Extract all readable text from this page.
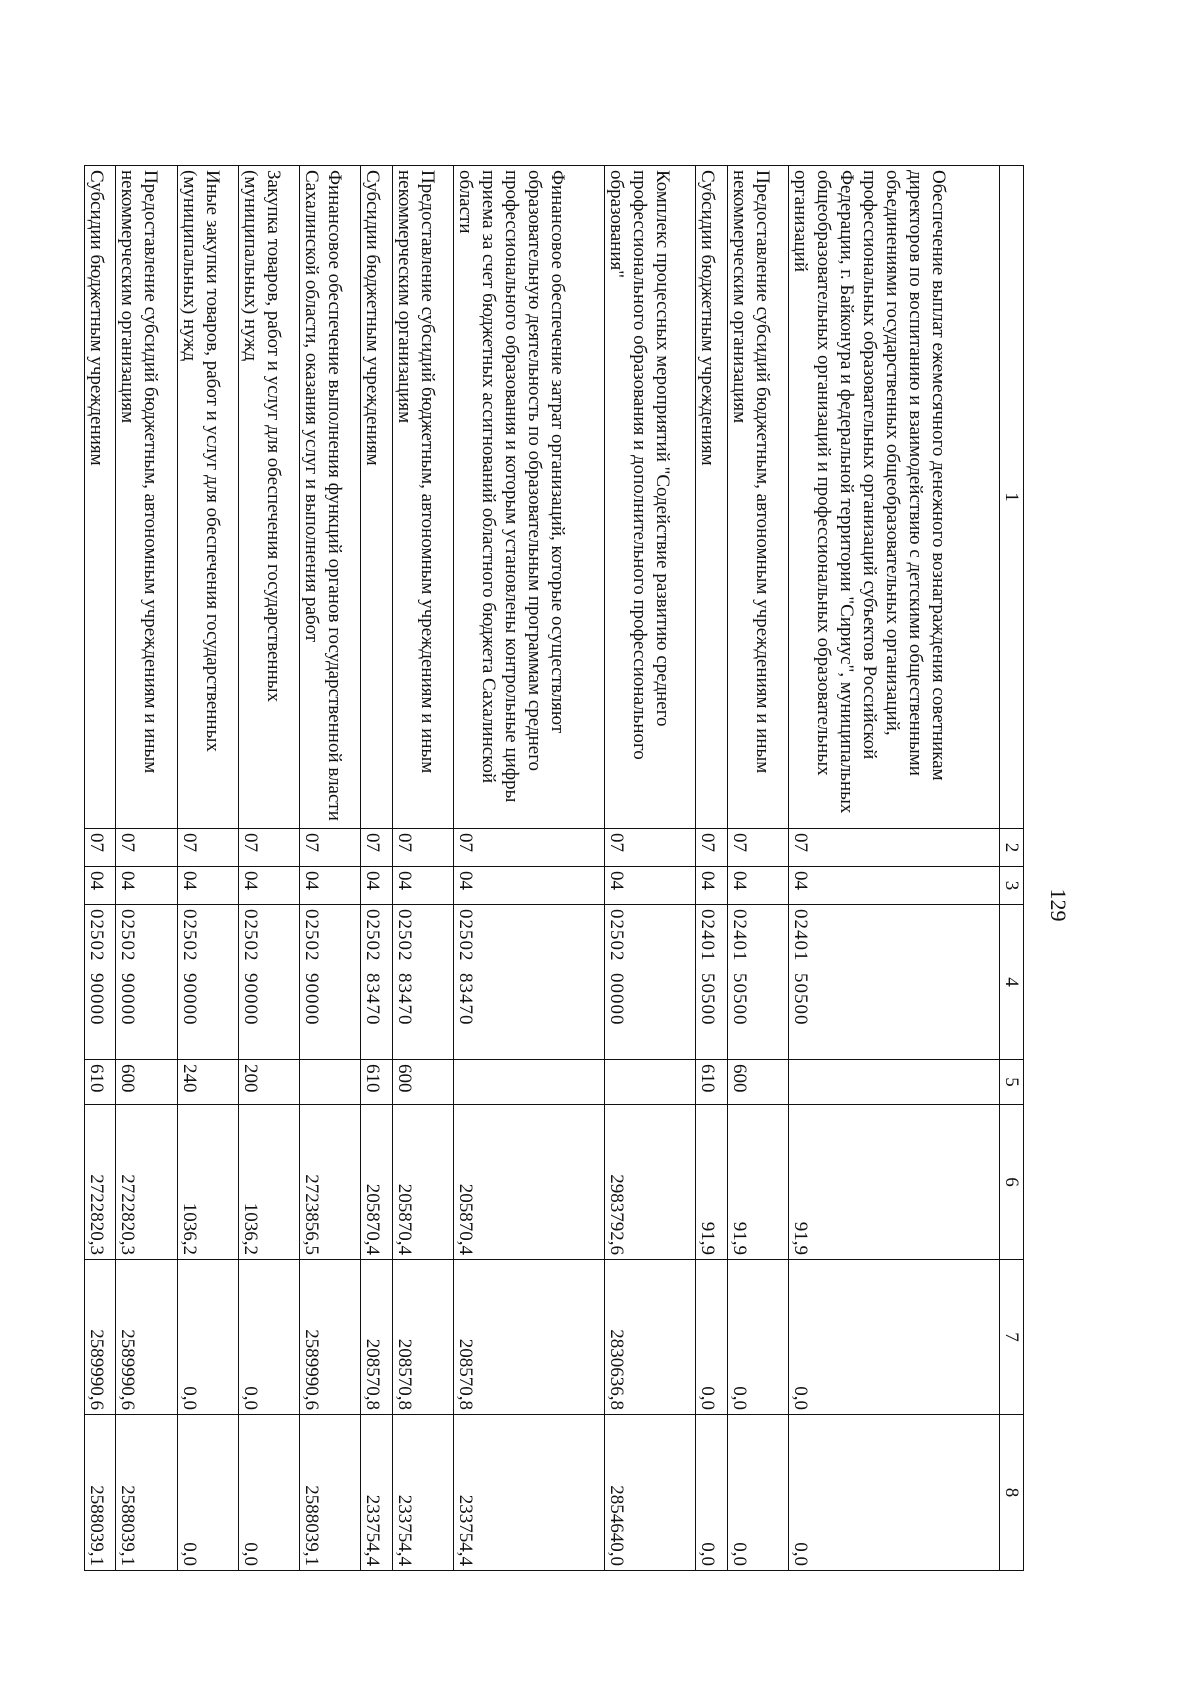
129
1	2	3	4	5	6	7	8
Обеспечение выплат ежемесячного денежного вознаграждения советникам директоров по воспитанию и взаимодействию с детскими общественными объединениями государственных общеобразовательных организаций, профессиональных образовательных организаций субъектов Российской Федерации, г. Байконура и федеральной территории "Сириус", муниципальных общеобразовательных организаций и профессиональных образовательных организаций	07	04	02401  50500		91,9	0,0	0,0
Предоставление субсидий бюджетным, автономным учреждениям и иным некоммерческим организациям	07	04	02401  50500	600	91,9	0,0	0,0
Субсидии бюджетным учреждениям	07	04	02401  50500	610	91,9	0,0	0,0
Комплекс процессных мероприятий "Содействие развитию среднего профессионального образования и дополнительного профессионального образования"	07	04	02502  00000		2983792,6	2830636,8	2854640,0
Финансовое обеспечение затрат организаций, которые осуществляют образовательную деятельность по образовательным программам среднего профессионального образования и которым установлены контрольные цифры приема за счет бюджетных ассигнований областного бюджета Сахалинской области	07	04	02502  83470		205870,4	208570,8	233754,4
Предоставление субсидий бюджетным, автономным учреждениям и иным некоммерческим организациям	07	04	02502  83470	600	205870,4	208570,8	233754,4
Субсидии бюджетным учреждениям	07	04	02502  83470	610	205870,4	208570,8	233754,4
Финансовое обеспечение выполнения функций органов государственной власти Сахалинской области, оказания услуг и выполнения работ	07	04	02502  90000		2723856,5	2589990,6	2588039,1
Закупка товаров, работ и услуг для обеспечения государственных (муниципальных) нужд	07	04	02502  90000	200	1036,2	0,0	0,0
Иные закупки товаров, работ и услуг для обеспечения государственных (муниципальных) нужд	07	04	02502  90000	240	1036,2	0,0	0,0
Предоставление субсидий бюджетным, автономным учреждениям и иным некоммерческим организациям	07	04	02502  90000	600	2722820,3	2589990,6	2588039,1
Субсидии бюджетным учреждениям	07	04	02502  90000	610	2722820,3	2589990,6	2588039,1
